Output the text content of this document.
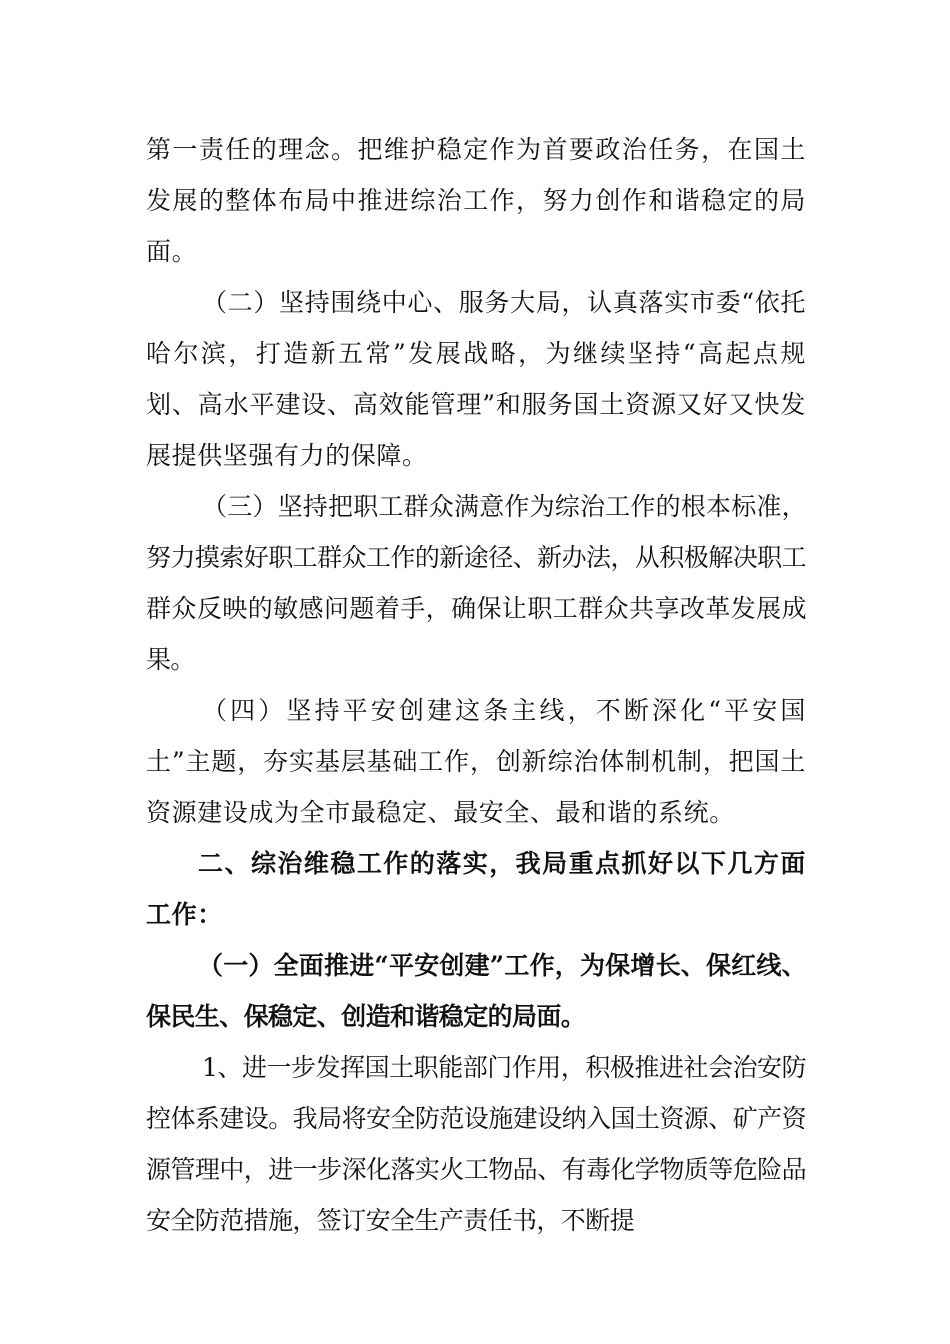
第一责任的理念。把维护稳定作为首要政治任务，在国土发展的整体布局中推进综治工作，努力创作和谐稳定的局面。

（二）坚持围绕中心、服务大局，认真落实市委“依托哈尔滨，打造新五常”发展战略，为继续坚持“高起点规划、高水平建设、高效能管理”和服务国土资源又好又快发展提供坚强有力的保障。

（三）坚持把职工群众满意作为综治工作的根本标准，努力摸索好职工群众工作的新途径、新办法，从积极解决职工群众反映的敏感问题着手，确保让职工群众共享改革发展成果。

（四）坚持平安创建这条主线，不断深化“平安国土”主题，夯实基层基础工作，创新综治体制机制，把国土资源建设成为全市最稳定、最安全、最和谐的系统。

二、综治维稳工作的落实，我局重点抓好以下几方面工作：

（一）全面推进“平安创建”工作，为保增长、保红线、保民生、保稳定、创造和谐稳定的局面。

1、进一步发挥国土职能部门作用，积极推进社会治安防控体系建设。我局将安全防范设施建设纳入国土资源、矿产资源管理中，进一步深化落实火工物品、有毒化学物质等危险品安全防范措施，签订安全生产责任书，不断提
